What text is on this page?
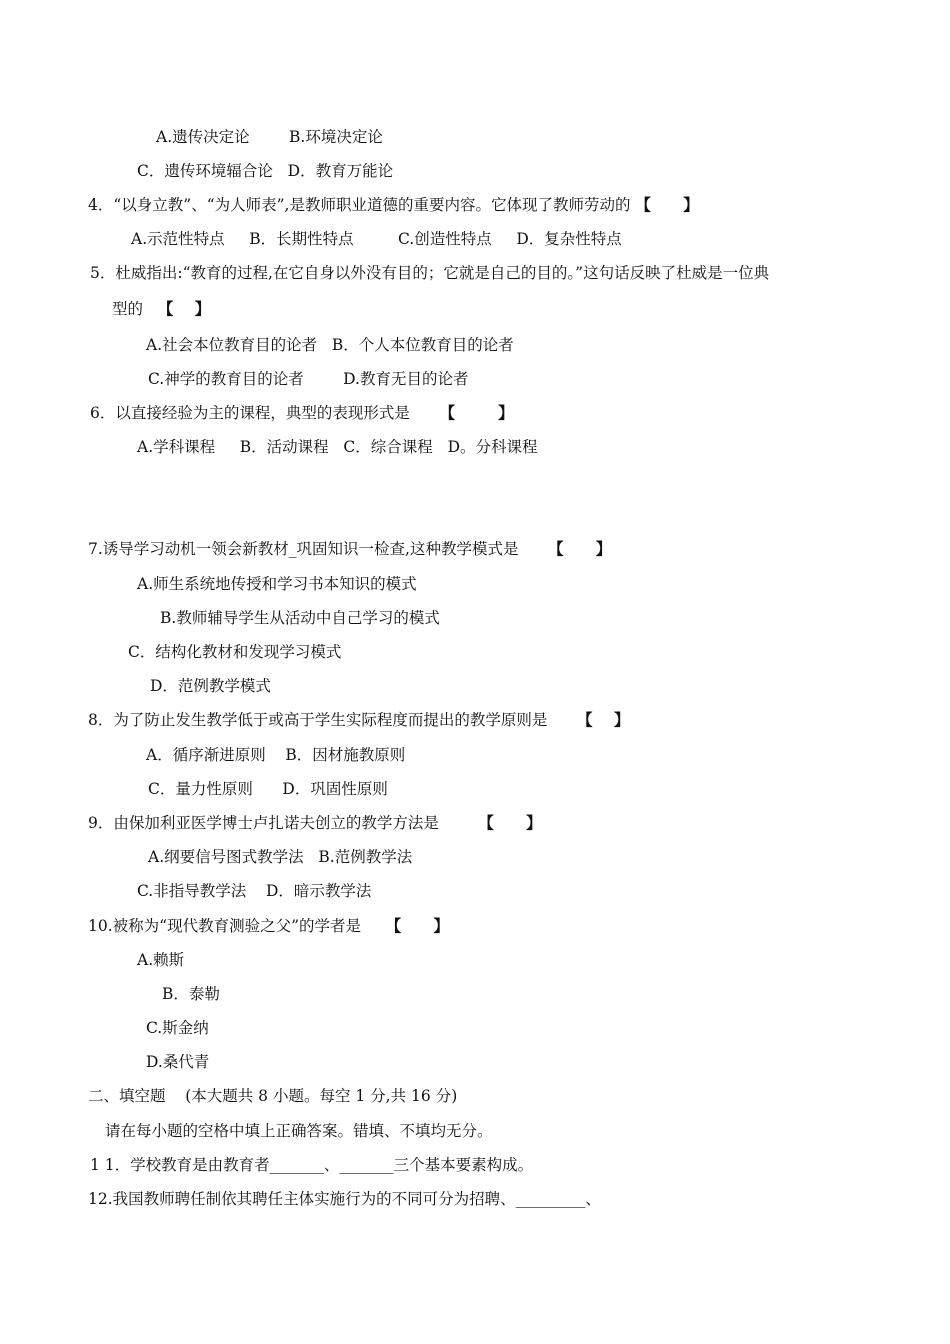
A.遗传决定论        B.环境决定论
C．遗传环境辐合论   D．教育万能论
4．“以身立教”、“为人师表”,是教师职业道德的重要内容。它体现了教师劳动的 【      】
A.示范性特点     B．长期性特点         C.创造性特点     D．复杂性特点
5．杜威指出:“教育的过程,在它自身以外没有目的；它就是自己的目的。”这句话反映了杜威是一位典
型的   【    】
A.社会本位教育目的论者   B．个人本位教育目的论者
C.神学的教育目的论者        D.教育无目的论者
6．以直接经验为主的课程，典型的表现形式是      【        】
A.学科课程     B．活动课程   C．综合课程   D。分科课程
7.诱导学习动机一领会新教材_巩固知识一检查,这种教学模式是      【      】
A.师生系统地传授和学习书本知识的模式
B.教师辅导学生从活动中自己学习的模式
C．结构化教材和发现学习模式
D．范例教学模式
8．为了防止发生教学低于或高于学生实际程度而提出的教学原则是      【    】
A．循序渐进原则    B．因材施教原则
C．量力性原则      D．巩固性原则
9．由保加利亚医学博士卢扎诺夫创立的教学方法是        【      】
A.纲要信号图式教学法   B.范例教学法
C.非指导教学法    D．暗示教学法
10.被称为“现代教育测验之父”的学者是     【      】
A.赖斯
B．泰勒
C.斯金纳
D.桑代青
二、填空题    (本大题共 8 小题。每空 1 分,共 16 分)
请在每小题的空格中填上正确答案。错填、不填均无分。
1 1．学校教育是由教育者_______、_______三个基本要素构成。
12.我国教师聘任制依其聘任主体实施行为的不同可分为招聘、_________、
